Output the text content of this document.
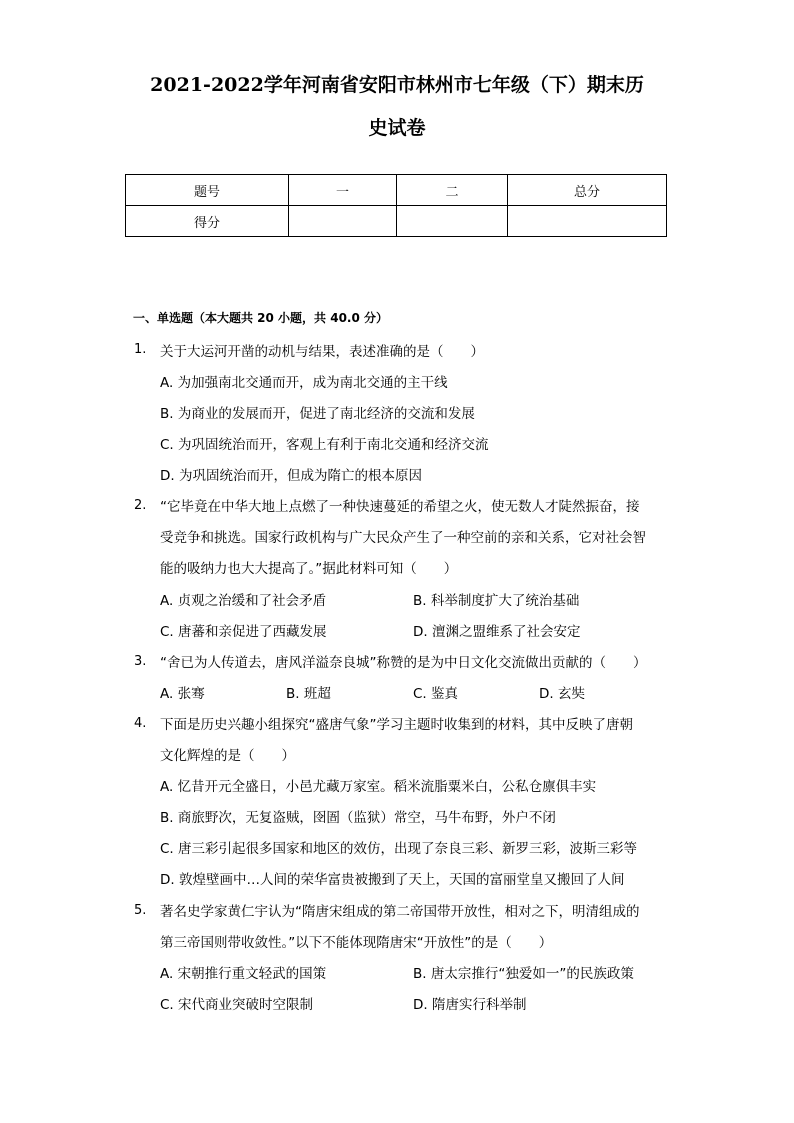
2021-2022学年河南省安阳市林州市七年级（下）期末历
史试卷
题号	一	二	总分
得分			
一、单选题（本大题共 20 小题，共 40.0 分）
1. 关于大运河开凿的动机与结果，表述准确的是（　　）
A. 为加强南北交通而开，成为南北交通的主干线
B. 为商业的发展而开，促进了南北经济的交流和发展
C. 为巩固统治而开，客观上有利于南北交通和经济交流
D. 为巩固统治而开，但成为隋亡的根本原因
2. “它毕竟在中华大地上点燃了一种快速蔓延的希望之火，使无数人才陡然振奋，接
受竞争和挑选。国家行政机构与广大民众产生了一种空前的亲和关系，它对社会智
能的吸纳力也大大提高了。”据此材料可知（　　）
A. 贞观之治缓和了社会矛盾	B. 科举制度扩大了统治基础
C. 唐蕃和亲促进了西藏发展	D. 澶渊之盟维系了社会安定
3. “舍已为人传道去，唐风洋溢奈良城”称赞的是为中日文化交流做出贡献的（　　）
A. 张骞	B. 班超	C. 鉴真	D. 玄奘
4. 下面是历史兴趣小组探究“盛唐气象”学习主题时收集到的材料，其中反映了唐朝
文化辉煌的是（　　）
A. 忆昔开元全盛日，小邑尤藏万家室。稻米流脂粟米白，公私仓廪俱丰实
B. 商旅野次，无复盗贼，囹圄（监狱）常空，马牛布野，外户不闭
C. 唐三彩引起很多国家和地区的效仿，出现了奈良三彩、新罗三彩，波斯三彩等
D. 敦煌壁画中…人间的荣华富贵被搬到了天上，天国的富丽堂皇又搬回了人间
5. 著名史学家黄仁宇认为“隋唐宋组成的第二帝国带开放性，相对之下，明清组成的
第三帝国则带收敛性。”以下不能体现隋唐宋“开放性”的是（　　）
A. 宋朝推行重文轻武的国策	B. 唐太宗推行“独爱如一”的民族政策
C. 宋代商业突破时空限制	D. 隋唐实行科举制
